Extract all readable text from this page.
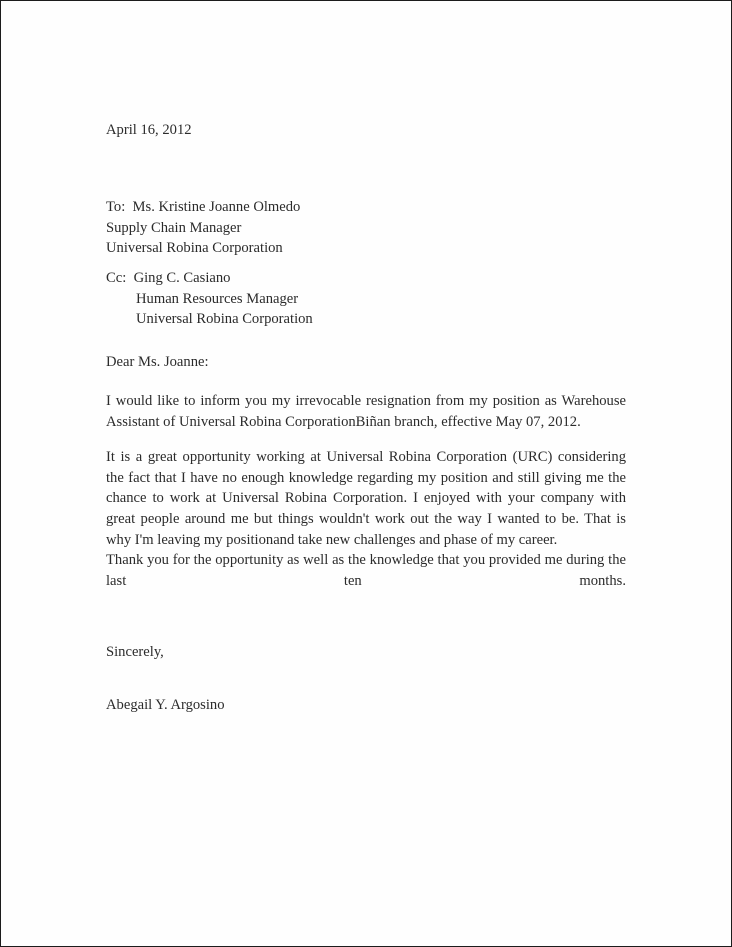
April 16, 2012
To:  Ms. Kristine Joanne Olmedo
Supply Chain Manager
Universal Robina Corporation
Cc:  Ging C. Casiano
Human Resources Manager
Universal Robina Corporation
Dear Ms. Joanne:

I would like to inform you my irrevocable resignation from my position as Warehouse Assistant of Universal Robina CorporationBiñan branch, effective May 07, 2012.

It is a great opportunity working at Universal Robina Corporation (URC) considering the fact that I have no enough knowledge regarding my position and still giving me the chance to work at Universal Robina Corporation. I enjoyed with your company with great people around me but things wouldn't work out the way I wanted to be. That is why I'm leaving my positionand take new challenges and phase of my career.

Thank you for the opportunity as well as the knowledge that you provided me during the last ten months.

Sincerely,
Abegail Y. Argosino
